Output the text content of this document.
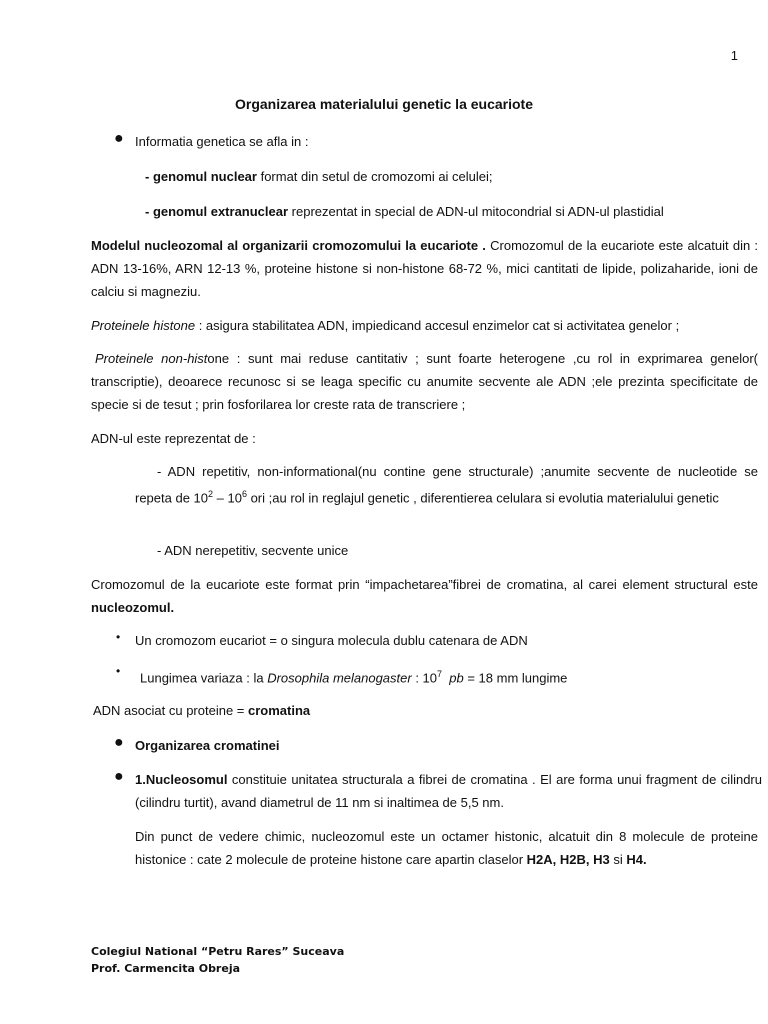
1
Organizarea materialului genetic la eucariote
● Informatia genetica se afla in :
- genomul nuclear format din setul de cromozomi ai celulei;
- genomul extranuclear reprezentat in special de ADN-ul mitocondrial si ADN-ul plastidial
Modelul nucleozomal al organizarii cromozomului la eucariote . Cromozomul de la eucariote este alcatuit din : ADN 13-16%, ARN 12-13 %, proteine histone si non-histone 68-72 %, mici cantitati de lipide, polizaharide, ioni de calciu si magneziu.
Proteinele histone : asigura stabilitatea ADN, impiedicand accesul enzimelor cat si activitatea genelor ;
Proteinele non-histone : sunt mai reduse cantitativ ; sunt foarte heterogene ,cu rol in exprimarea genelor( transcriptie), deoarece recunosc si se leaga specific cu anumite secvente ale ADN ;ele prezinta specificitate de specie si de tesut ; prin fosforilarea lor creste rata de transcriere ;
ADN-ul este reprezentat de :
- ADN repetitiv, non-informational(nu contine gene structurale) ;anumite secvente de nucleotide se repeta de $10^2 - 10^6$ ori ;au rol in reglajul genetic , diferentierea celulara si evolutia materialului genetic
- ADN nerepetitiv, secvente unice
Cromozomul de la eucariote este format prin “impachetarea”fibrei de cromatina, al carei element structural este nucleozomul.
• Un cromozom eucariot = o singura molecula dublu catenara de ADN
• Lungimea variaza : la Drosophila melanogaster : $10^7$ pb = 18 mm lungime
ADN asociat cu proteine = cromatina
● Organizarea cromatinei
● 1.Nucleosomul constituie unitatea structurala a fibrei de cromatina . El are forma unui fragment de cilindru (cilindru turtit), avand diametrul de 11 nm si inaltimea de 5,5 nm.
Din punct de vedere chimic, nucleozomul este un octamer histonic, alcatuit din 8 molecule de proteine histonice : cate 2 molecule de proteine histone care apartin claselor H2A, H2B, H3 si H4.
Colegiul National “Petru Rares” Suceava
Prof. Carmencita Obreja
